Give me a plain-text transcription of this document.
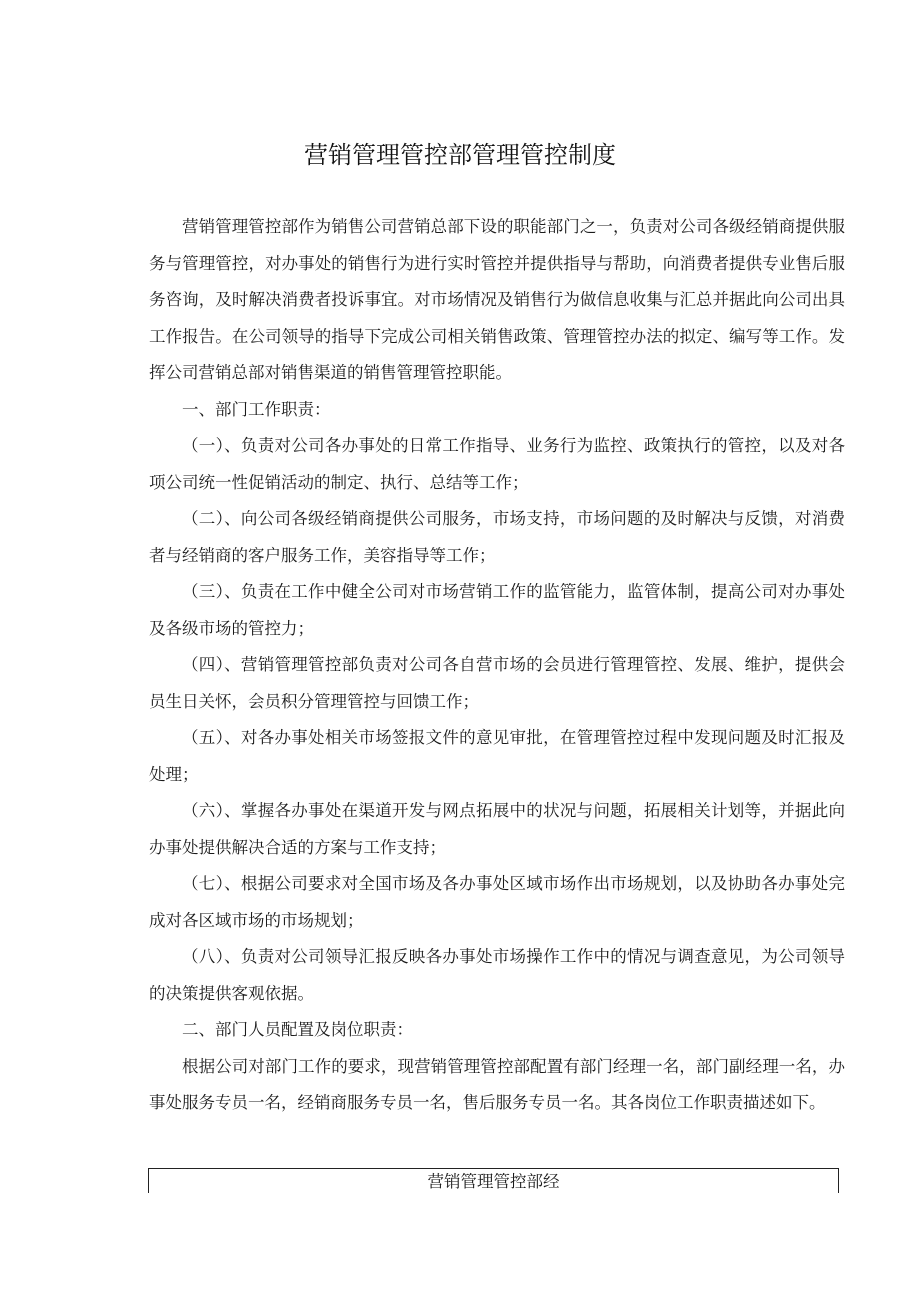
营销管理管控部管理管控制度

营销管理管控部作为销售公司营销总部下设的职能部门之一，负责对公司各级经销商提供服务与管理管控，对办事处的销售行为进行实时管控并提供指导与帮助，向消费者提供专业售后服务咨询，及时解决消费者投诉事宜。对市场情况及销售行为做信息收集与汇总并据此向公司出具工作报告。在公司领导的指导下完成公司相关销售政策、管理管控办法的拟定、编写等工作。发挥公司营销总部对销售渠道的销售管理管控职能。

一、部门工作职责：

（一）、负责对公司各办事处的日常工作指导、业务行为监控、政策执行的管控，以及对各项公司统一性促销活动的制定、执行、总结等工作；

（二）、向公司各级经销商提供公司服务，市场支持，市场问题的及时解决与反馈，对消费者与经销商的客户服务工作，美容指导等工作；

（三）、负责在工作中健全公司对市场营销工作的监管能力，监管体制，提高公司对办事处及各级市场的管控力；

（四）、营销管理管控部负责对公司各自营市场的会员进行管理管控、发展、维护，提供会员生日关怀，会员积分管理管控与回馈工作；

（五）、对各办事处相关市场签报文件的意见审批，在管理管控过程中发现问题及时汇报及处理；

（六）、掌握各办事处在渠道开发与网点拓展中的状况与问题，拓展相关计划等，并据此向办事处提供解决合适的方案与工作支持；

（七）、根据公司要求对全国市场及各办事处区域市场作出市场规划，以及协助各办事处完成对各区域市场的市场规划；

（八）、负责对公司领导汇报反映各办事处市场操作工作中的情况与调查意见，为公司领导的决策提供客观依据。

二、部门人员配置及岗位职责：

根据公司对部门工作的要求，现营销管理管控部配置有部门经理一名，部门副经理一名，办事处服务专员一名，经销商服务专员一名，售后服务专员一名。其各岗位工作职责描述如下。

营销管理管控部经
